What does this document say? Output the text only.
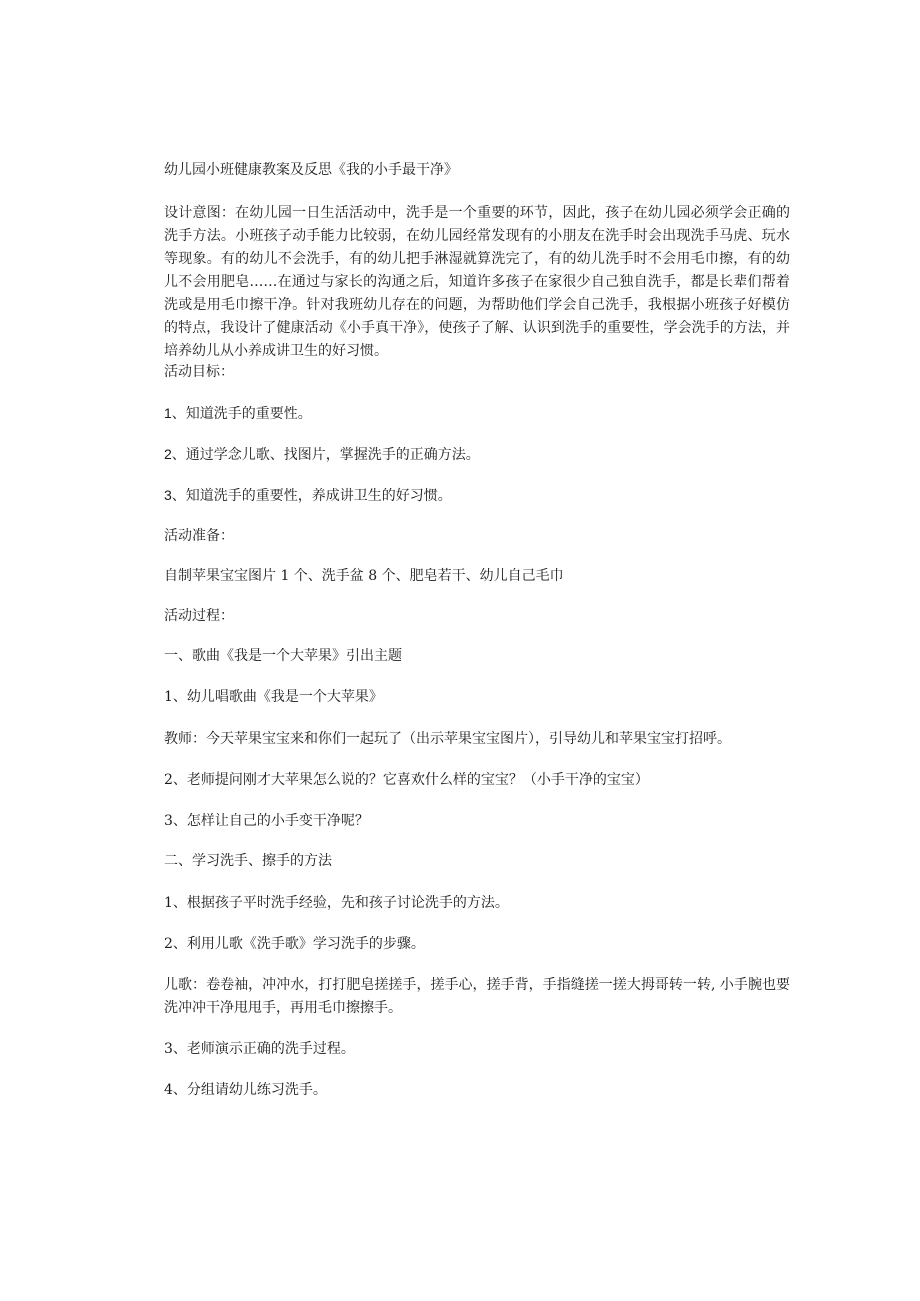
幼儿园小班健康教案及反思《我的小手最干净》
设计意图：在幼儿园一日生活活动中，洗手是一个重要的环节，因此，孩子在幼儿园必须学会正确的洗手方法。小班孩子动手能力比较弱，在幼儿园经常发现有的小朋友在洗手时会出现洗手马虎、玩水等现象。有的幼儿不会洗手，有的幼儿把手淋湿就算洗完了，有的幼儿洗手时不会用毛巾擦，有的幼儿不会用肥皂……在通过与家长的沟通之后，知道许多孩子在家很少自己独自洗手，都是长辈们帮着洗或是用毛巾擦干净。针对我班幼儿存在的问题，为帮助他们学会自己洗手，我根据小班孩子好模仿的特点，我设计了健康活动《小手真干净》，使孩子了解、认识到洗手的重要性，学会洗手的方法，并培养幼儿从小养成讲卫生的好习惯。
活动目标：
1、知道洗手的重要性。
2、通过学念儿歌、找图片，掌握洗手的正确方法。
3、知道洗手的重要性，养成讲卫生的好习惯。
活动准备：
自制苹果宝宝图片 1 个、洗手盆 8 个、肥皂若干、幼儿自己毛巾
活动过程：
一、歌曲《我是一个大苹果》引出主题
1、幼儿唱歌曲《我是一个大苹果》
教师：今天苹果宝宝来和你们一起玩了（出示苹果宝宝图片），引导幼儿和苹果宝宝打招呼。
2、老师提问刚才大苹果怎么说的？它喜欢什么样的宝宝？（小手干净的宝宝）
3、怎样让自己的小手变干净呢？
二、学习洗手、擦手的方法
1、根据孩子平时洗手经验，先和孩子讨论洗手的方法。
2、利用儿歌《洗手歌》学习洗手的步骤。
儿歌：卷卷袖，冲冲水，打打肥皂搓搓手，搓手心，搓手背，手指缝搓一搓大拇哥转一转, 小手腕也要洗冲冲干净甩甩手，再用毛巾擦擦手。
3、老师演示正确的洗手过程。
4、分组请幼儿练习洗手。
